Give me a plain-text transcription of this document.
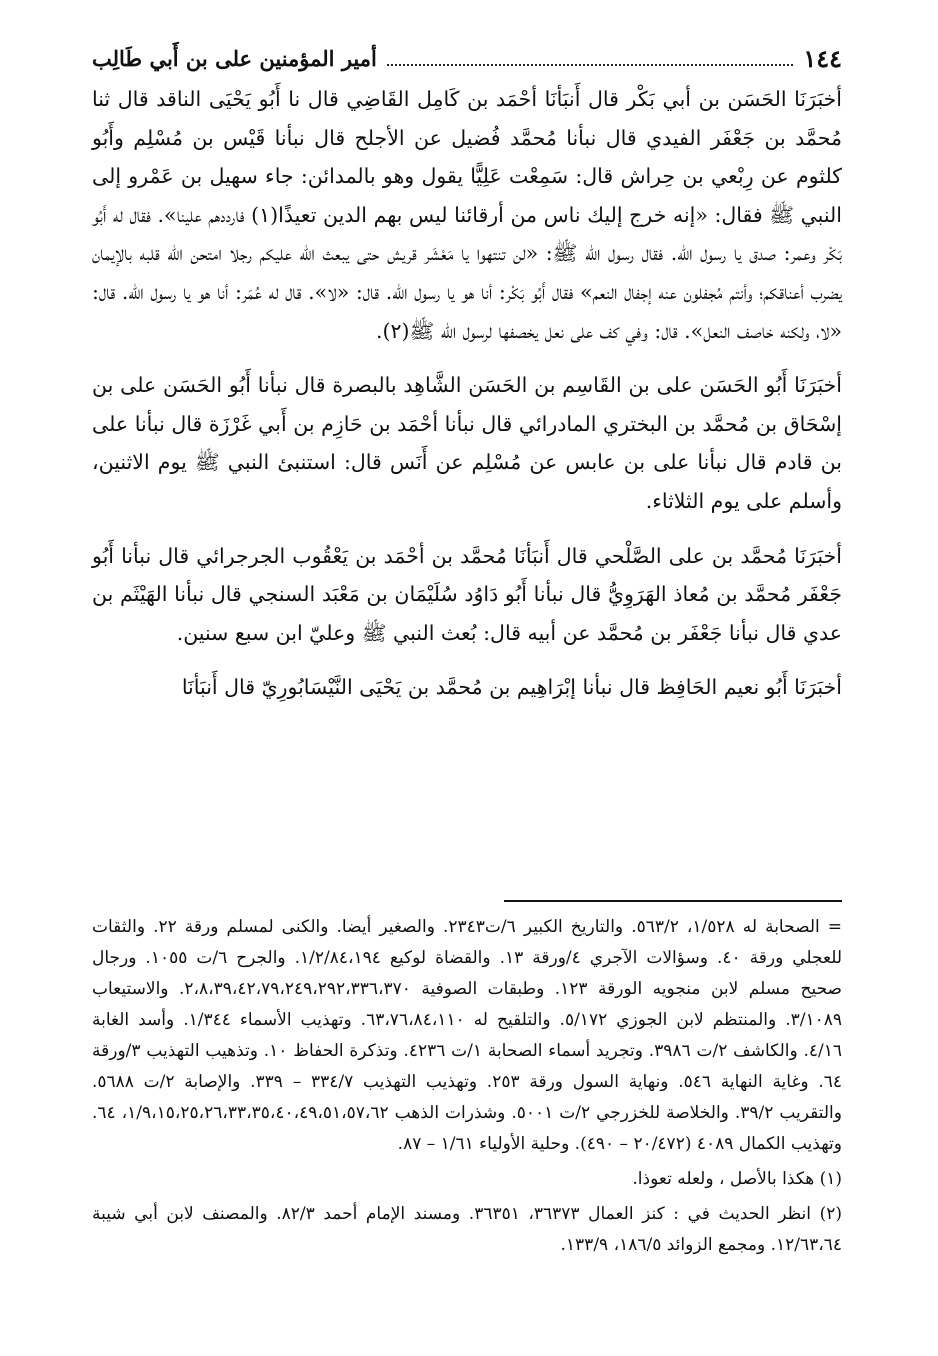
١٤٤
أمير المؤمنين على بن أَبي طَالِب

أخبَرَنَا الحَسَن بن أبي بَكْر قال أَنبَأنَا أحْمَد بن كَامِل القَاضِي قال نا أَبُو يَحْيَى الناقد قال ثنا مُحمَّد بن جَعْفَر الفيدي قال نبأنا مُحمَّد فُضيل عن الأجلح قال نبأنا قَيْس بن مُسْلِم وأَبُو كلثوم عن رِبْعي بن حِراش قال: سَمِعْت عَلِيًّا يقول وهو بالمدائن: جاء سهيل بن عَمْرو إلى النبي ﷺ فقال: «إنه خرج إليك ناس من أرقائنا ليس بهم الدين تعيذًا(١) فارددهم علينا». فقال له أَبُو بَكْر وعمر: صدق يا رسول الله. فقال رسول الله ﷺ: «لن تنتهوا يا مَعْشَر قريش حتى يبعث الله عليكم رجلا امتحن الله قلبه بالإيمان يضرب أعناقكم؛ وأنتم مُجفلون عنه إجفال النعم» فقال أَبُو بَكْر: أنا هو يا رسول الله. قال: «لا». قال له عُمَر: أنا هو يا رسول الله. قال: «لا، ولكنه خاصف النعل». قال: وفي كف على نعل يخصفها لرسول الله ﷺ(٢).

أخبَرَنَا أَبُو الحَسَن على بن القَاسِم بن الحَسَن الشَّاهِد بالبصرة قال نبأنا أَبُو الحَسَن على بن إسْحَاق بن مُحمَّد بن البختري المادرائي قال نبأنا أحْمَد بن حَازِم بن أَبي غَرْزَة قال نبأنا على بن قادم قال نبأنا على بن عابس عن مُسْلِم عن أَنَس قال: استنبئ النبي ﷺ يوم الاثنين، وأسلم على يوم الثلاثاء.

أخبَرَنَا مُحمَّد بن على الصَّلْحي قال أَنبَأنَا مُحمَّد بن أحْمَد بن يَعْقُوب الجرجرائي قال نبأنا أَبُو جَعْفَر مُحمَّد بن مُعاذ الهَرَوِيُّ قال نبأنا أَبُو دَاوُد سُلَيْمَان بن مَعْبَد السنجي قال نبأنا الهَيْثَم بن عدي قال نبأنا جَعْفَر بن مُحمَّد عن أبيه قال: بُعث النبي ﷺ وعليّ ابن سبع سنين.

أخبَرَنَا أَبُو نعيم الحَافِظ قال نبأنا إبْرَاهِيم بن مُحمَّد بن يَحْيَى النَّيْسَابُورِيّ قال أَنبَأنَا

= الصحابة له ١/٥٢٨، ٥٦٣/٢. والتاريخ الكبير ٦/ت٢٣٤٣. والصغير أيضا. والكنى لمسلم ورقة ٢٢. والثقات للعجلي ورقة ٤٠. وسؤالات الآجري ٤/ورقة ١٣. والقضاة لوكيع ١/٢/٨٤،١٩٤. والجرح ٦/ت ١٠٥٥. ورجال صحيح مسلم لابن منجويه الورقة ١٢٣. وطبقات الصوفية ٢،٨،٣٩،٤٢،٧٩،٢٤٩،٢٩٢،٣٣٦،٣٧٠. والاستيعاب ٣/١٠٨٩. والمنتظم لابن الجوزي ٥/١٧٢. والتلقيح له ٦٣،٧٦،٨٤،١١٠. وتهذيب الأسماء ١/٣٤٤. وأسد الغابة ٤/١٦. والكاشف ٢/ت ٣٩٨٦. وتجريد أسماء الصحابة ١/ت ٤٢٣٦. وتذكرة الحفاظ ١٠. وتذهيب التهذيب ٣/ورقة ٦٤. وغاية النهاية ٥٤٦. ونهاية السول ورقة ٢٥٣. وتهذيب التهذيب ٣٣٤/٧ – ٣٣٩. والإصابة ٢/ت ٥٦٨٨. والتقريب ٣٩/٢. والخلاصة للخزرجي ٢/ت ٥٠٠١. وشذرات الذهب ١/٩،١٥،٢٥،٢٦،٣٣،٣٥،٤٠،٤٩،٥١،٥٧،٦٢، ٦٤. وتهذيب الكمال ٤٠٨٩ (٢٠/٤٧٢ – ٤٩٠). وحلية الأولياء ١/٦١ – ٨٧.

(١) هكذا بالأصل ، ولعله تعوذا.

(٢) انظر الحديث في : كنز العمال ٣٦٣٧٣، ٣٦٣٥١. ومسند الإمام أحمد ٨٢/٣. والمصنف لابن أبي شيبة ١٢/٦٣،٦٤. ومجمع الزوائد ١٨٦/٥، ١٣٣/٩.
